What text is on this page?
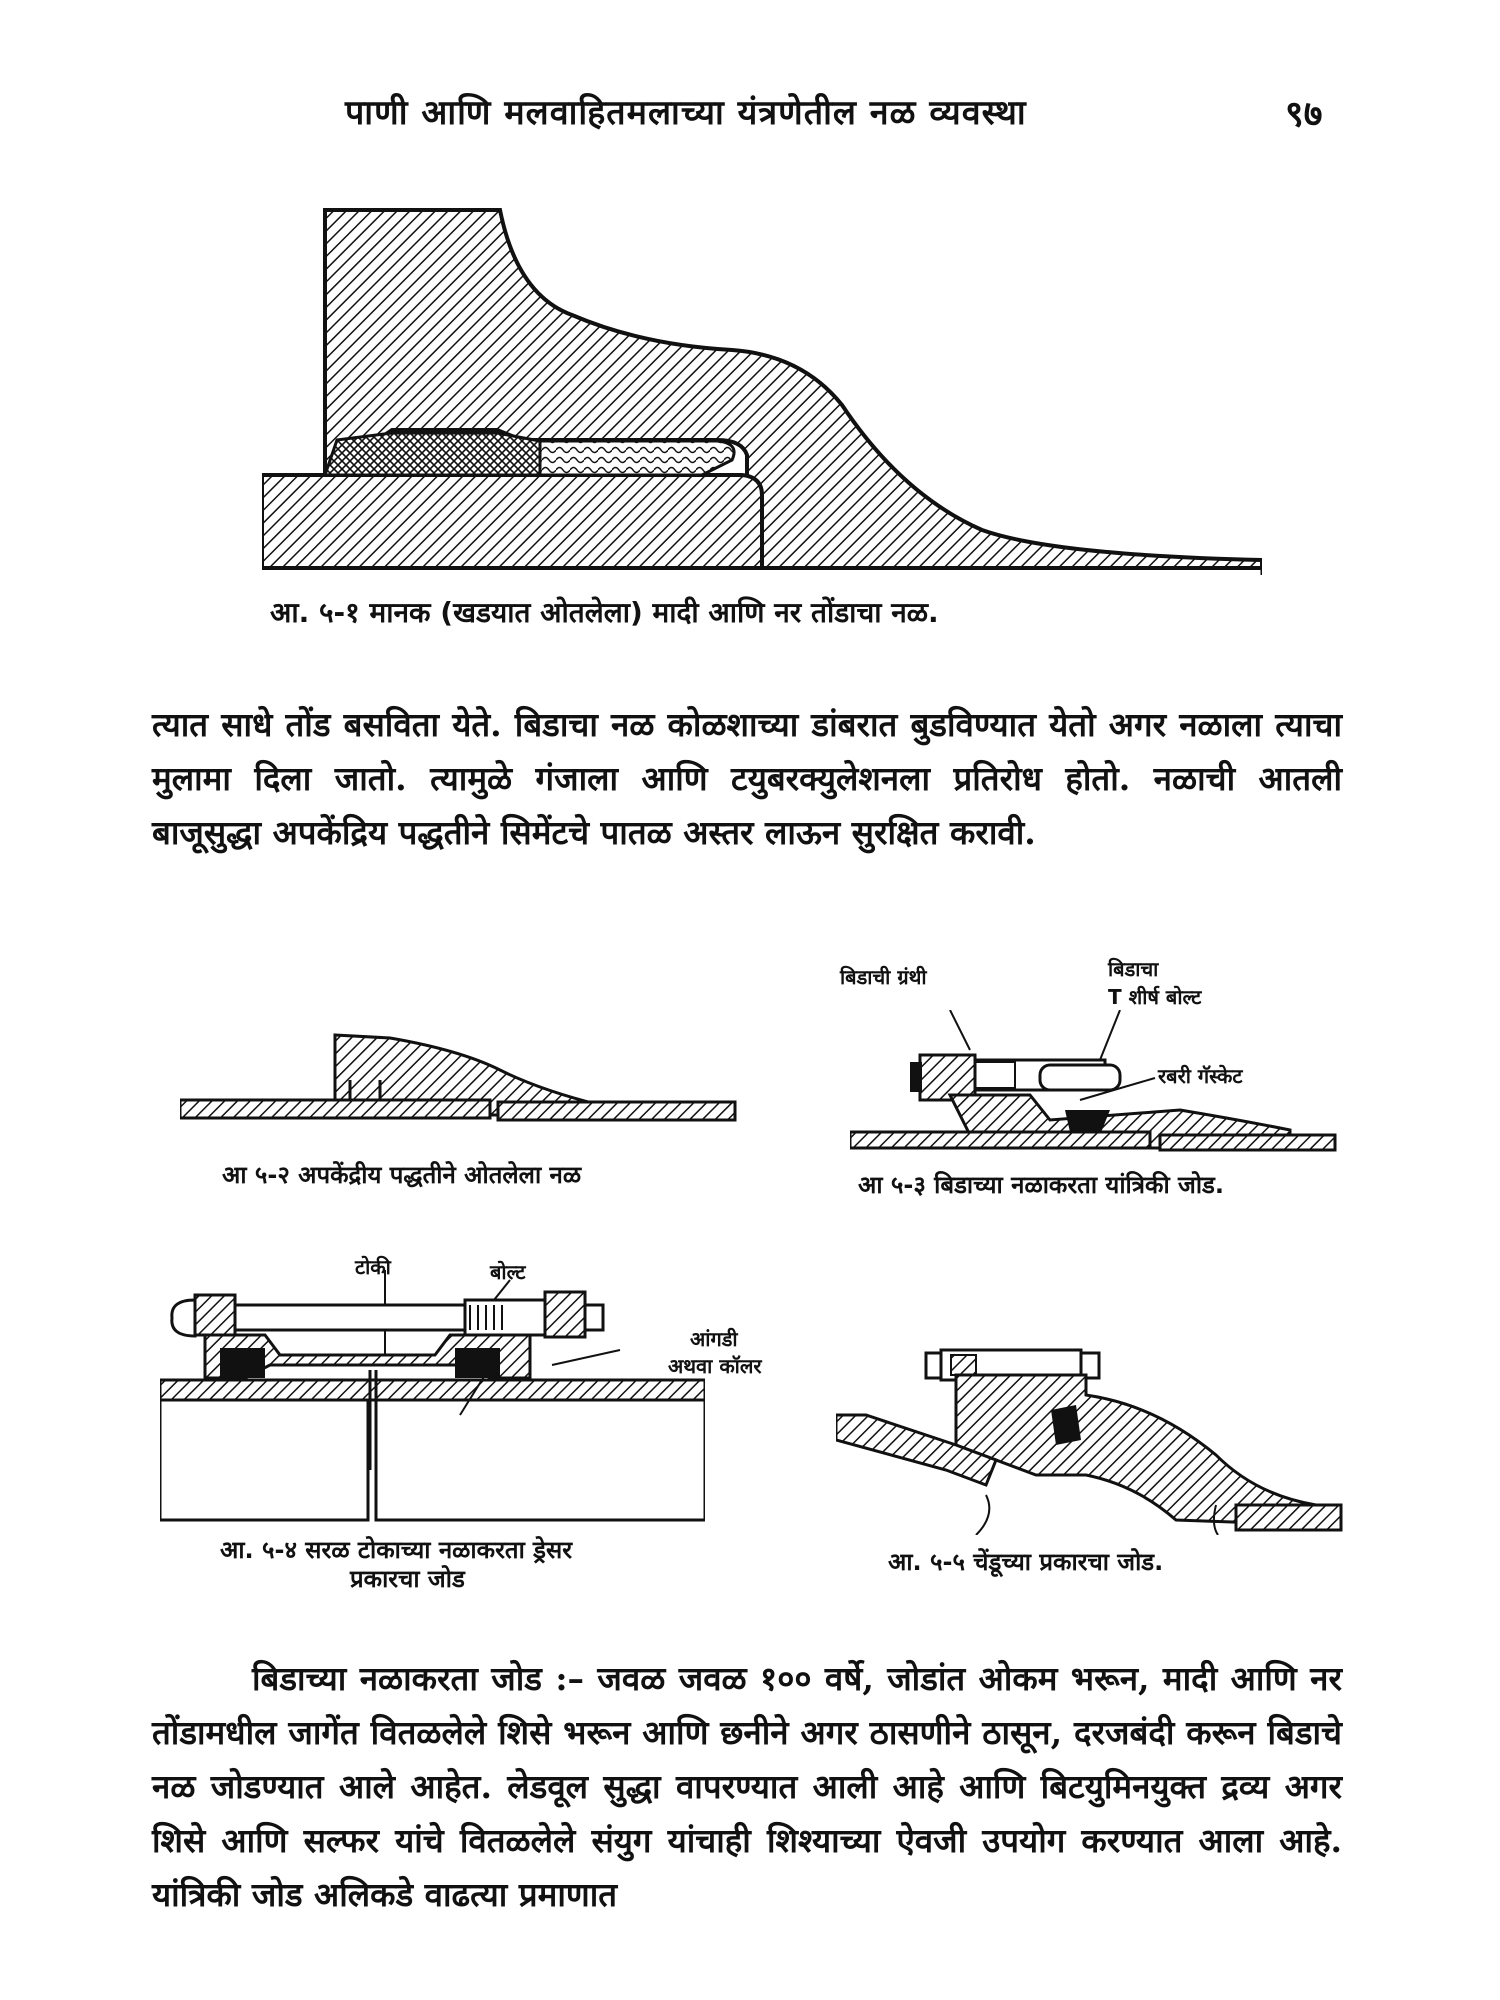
पाणी आणि मलवाहितमलाच्या यंत्रणेतील नळ व्यवस्था	९७
आ. ५-१ मानक (खडयात ओतलेला) मादी आणि नर तोंडाचा नळ.
त्यात साधे तोंड बसविता येते. बिडाचा नळ कोळशाच्या डांबरात बुडविण्यात येतो अगर नळाला त्याचा मुलामा दिला जातो. त्यामुळे गंजाला आणि टयुबरक्युलेशनला प्रतिरोध होतो. नळाची आतली बाजूसुद्धा अपकेंद्रिय पद्धतीने सिमेंटचे पातळ अस्तर लाऊन सुरक्षित करावी.
आ ५-२ अपकेंद्रीय पद्धतीने ओतलेला नळ
बिडाची ग्रंथी	बिडाचा
T शीर्ष बोल्ट
रबरी गॅस्केट
आ ५-३ बिडाच्या नळाकरता यांत्रिकी जोड.
टोकी	बोल्ट
आंगडी
अथवा कॉलर
आ. ५-४ सरळ टोकाच्या नळाकरता ड्रेसर
प्रकारचा जोड
आ. ५-५ चेंडूच्या प्रकारचा जोड.
बिडाच्या नळाकरता जोड :– जवळ जवळ १०० वर्षे, जोडांत ओकम भरून, मादी आणि नर तोंडामधील जागेंत वितळलेले शिसे भरून आणि छनीने अगर ठासणीने ठासून, दरजबंदी करून बिडाचे नळ जोडण्यात आले आहेत. लेडवूल सुद्धा वापरण्यात आली आहे आणि बिटयुमिनयुक्त द्रव्य अगर शिसे आणि सल्फर यांचे वितळलेले संयुग यांचाही शिश्याच्या ऐवजी उपयोग करण्यात आला आहे. यांत्रिकी जोड अलिकडे वाढत्या प्रमाणात
